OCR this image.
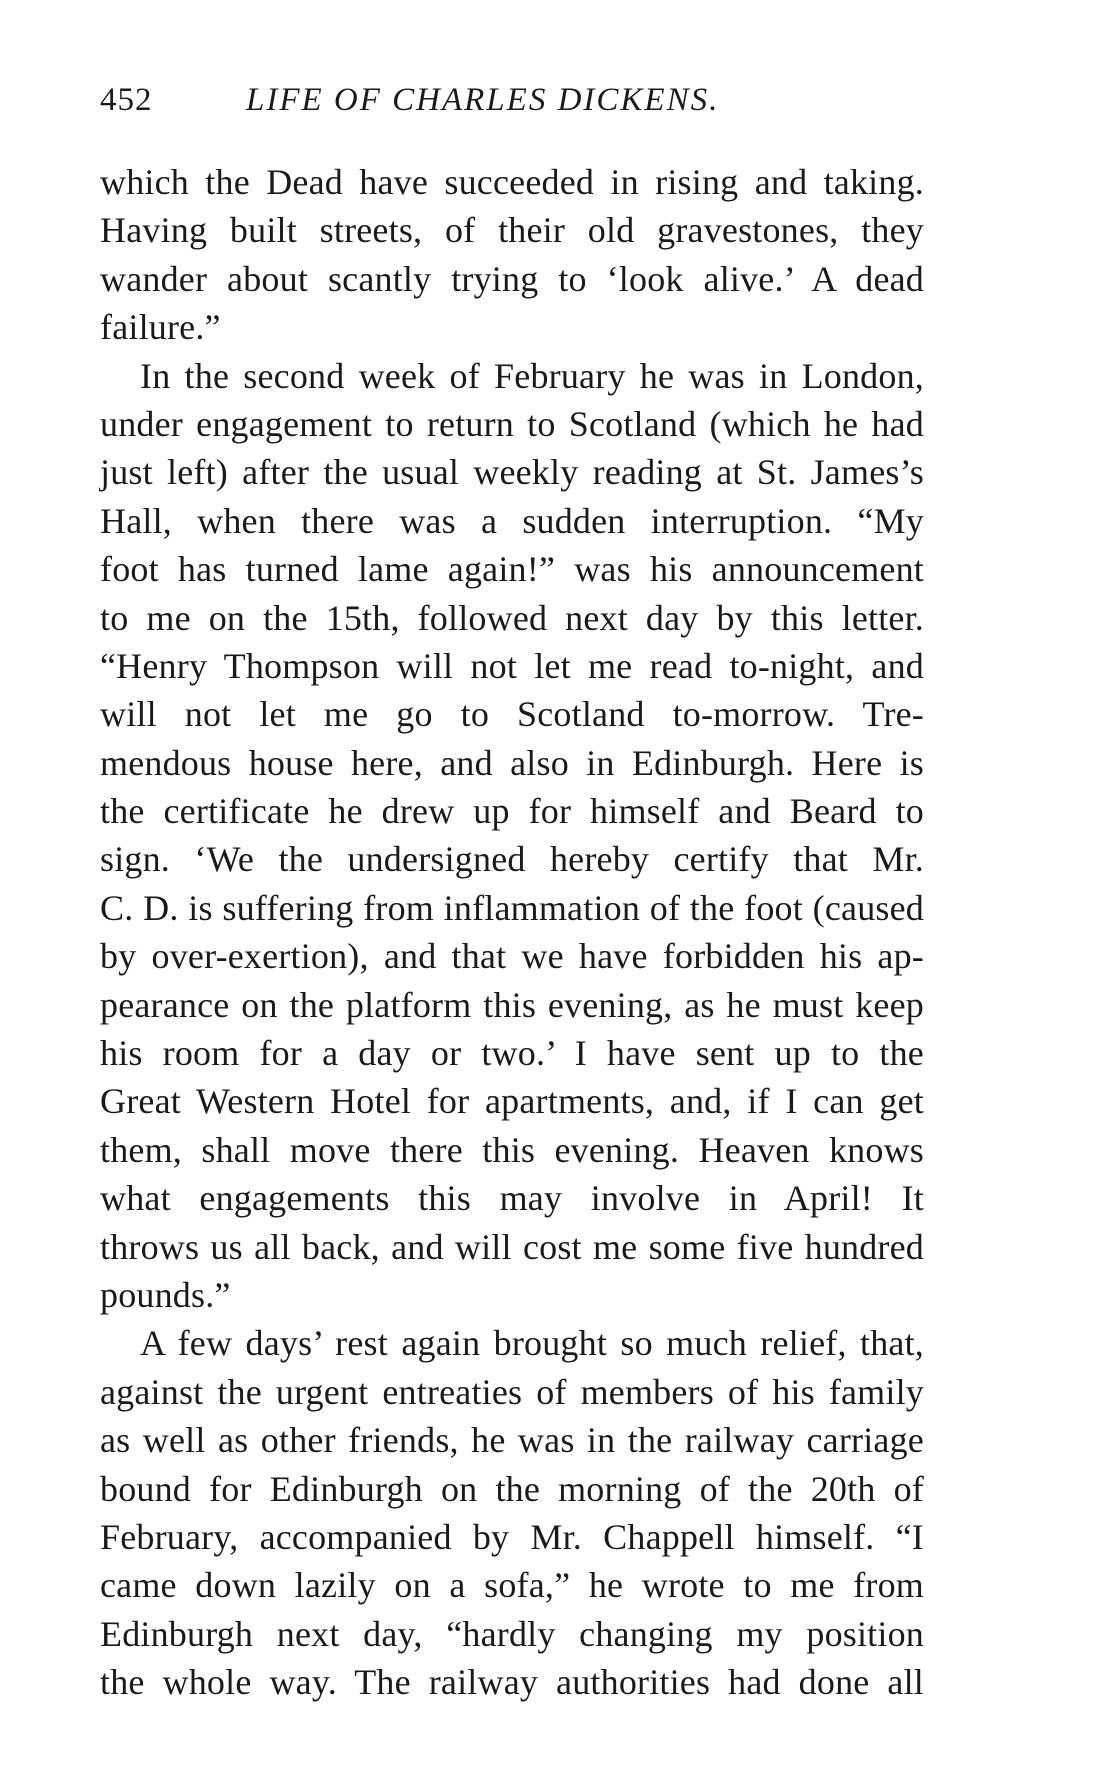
452	LIFE OF CHARLES DICKENS.
which the Dead have succeeded in rising and taking.
Having built streets, of their old gravestones, they
wander about scantly trying to ‘look alive.’ A dead
failure.”
In the second week of February he was in London,
under engagement to return to Scotland (which he had
just left) after the usual weekly reading at St. James’s
Hall, when there was a sudden interruption. “My
foot has turned lame again!” was his announcement
to me on the 15th, followed next day by this letter.
“Henry Thompson will not let me read to-night, and
will not let me go to Scotland to-morrow. Tre-
mendous house here, and also in Edinburgh. Here is
the certificate he drew up for himself and Beard to
sign. ‘We the undersigned hereby certify that Mr.
C. D. is suffering from inflammation of the foot (caused
by over-exertion), and that we have forbidden his ap-
pearance on the platform this evening, as he must keep
his room for a day or two.’ I have sent up to the
Great Western Hotel for apartments, and, if I can get
them, shall move there this evening. Heaven knows
what engagements this may involve in April! It
throws us all back, and will cost me some five hundred
pounds.”
A few days’ rest again brought so much relief, that,
against the urgent entreaties of members of his family
as well as other friends, he was in the railway carriage
bound for Edinburgh on the morning of the 20th of
February, accompanied by Mr. Chappell himself. “I
came down lazily on a sofa,” he wrote to me from
Edinburgh next day, “hardly changing my position
the whole way. The railway authorities had done all
